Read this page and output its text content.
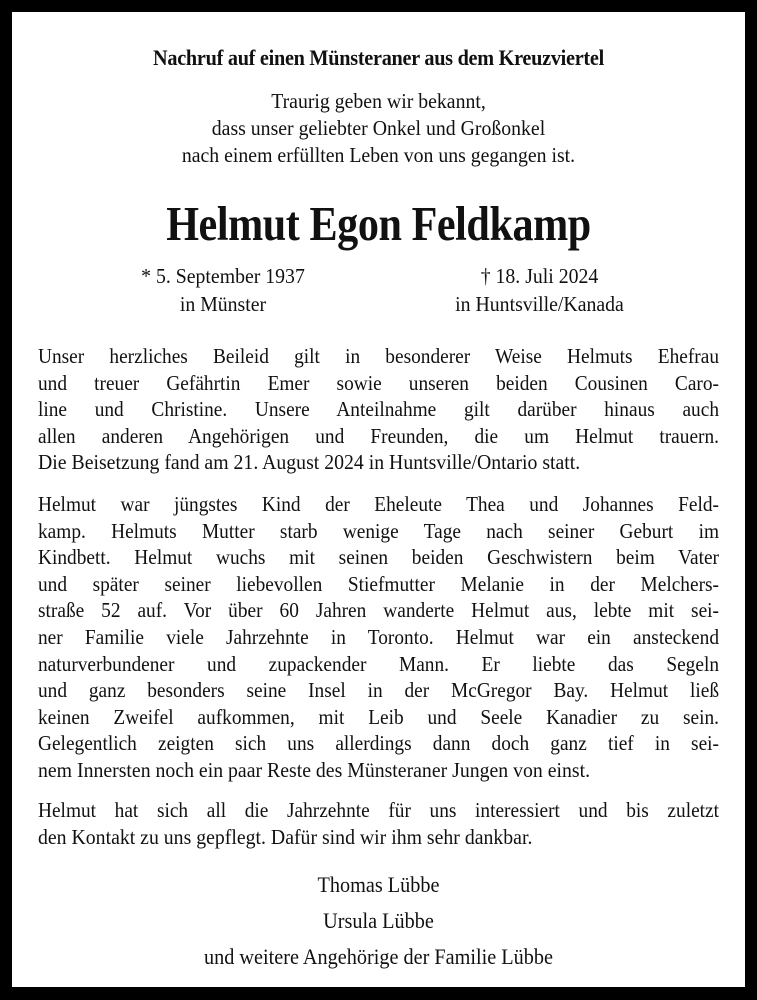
Nachruf auf einen Münsteraner aus dem Kreuzviertel
Traurig geben wir bekannt,
dass unser geliebter Onkel und Großonkel
nach einem erfüllten Leben von uns gegangen ist.
Helmut Egon Feldkamp
* 5. September 1937
in Münster
† 18. Juli 2024
in Huntsville/Kanada
Unser herzliches Beileid gilt in besonderer Weise Helmuts Ehefrau
und treuer Gefährtin Emer sowie unseren beiden Cousinen Caro-
line und Christine. Unsere Anteilnahme gilt darüber hinaus auch
allen anderen Angehörigen und Freunden, die um Helmut trauern.
Die Beisetzung fand am 21. August 2024 in Huntsville/Ontario statt.
Helmut war jüngstes Kind der Eheleute Thea und Johannes Feld-
kamp. Helmuts Mutter starb wenige Tage nach seiner Geburt im
Kindbett. Helmut wuchs mit seinen beiden Geschwistern beim Vater
und später seiner liebevollen Stiefmutter Melanie in der Melchers-
straße 52 auf. Vor über 60 Jahren wanderte Helmut aus, lebte mit sei-
ner Familie viele Jahrzehnte in Toronto. Helmut war ein ansteckend
naturverbundener und zupackender Mann. Er liebte das Segeln
und ganz besonders seine Insel in der McGregor Bay. Helmut ließ
keinen Zweifel aufkommen, mit Leib und Seele Kanadier zu sein.
Gelegentlich zeigten sich uns allerdings dann doch ganz tief in sei-
nem Innersten noch ein paar Reste des Münsteraner Jungen von einst.
Helmut hat sich all die Jahrzehnte für uns interessiert und bis zuletzt
den Kontakt zu uns gepflegt. Dafür sind wir ihm sehr dankbar.
Thomas Lübbe
Ursula Lübbe
und weitere Angehörige der Familie Lübbe
